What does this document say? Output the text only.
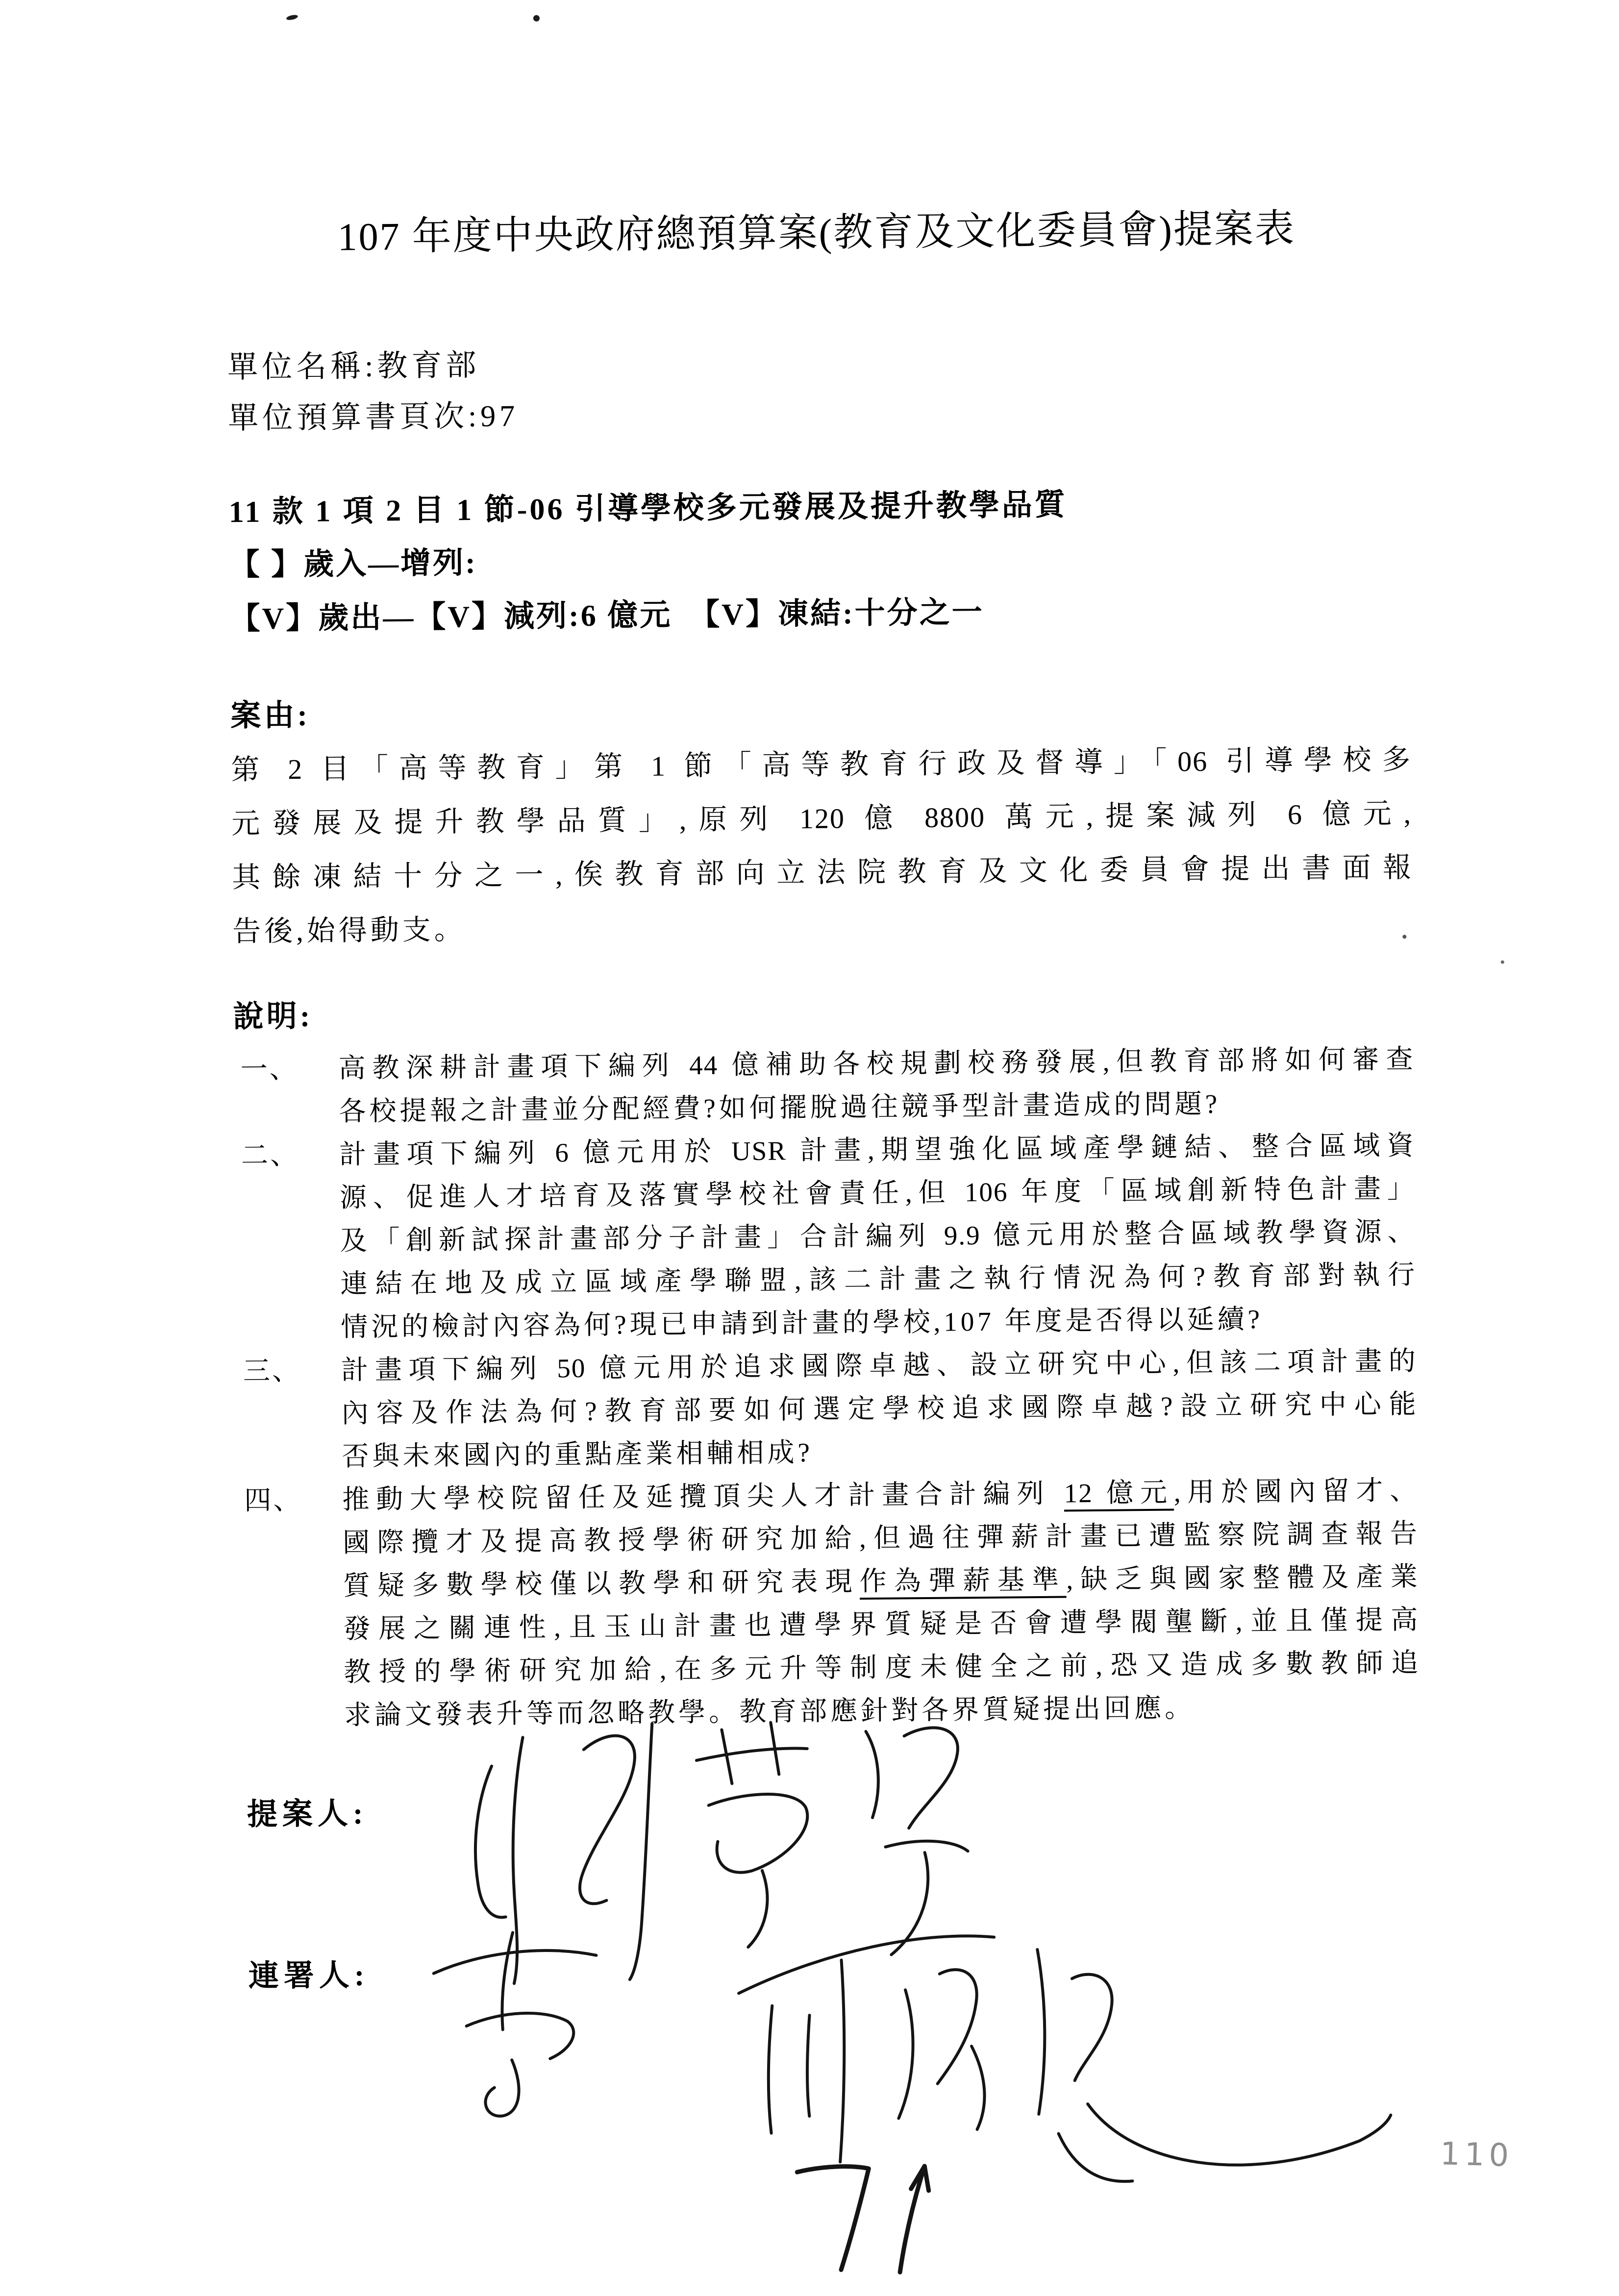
107 年度中央政府總預算案(教育及文化委員會)提案表
單位名稱:教育部
單位預算書頁次:97
11 款 1 項 2 目 1 節-06 引導學校多元發展及提升教學品質
【 】歲入—增列:
【V】歲出—【V】減列:6 億元　【V】凍結:十分之一
案由:
第 2 目「高等教育」第 1 節「高等教育行政及督導」「06 引導學校多
元發展及提升教學品質」,原列 120 億 8800 萬元,提案減列 6 億元,
其餘凍結十分之一,俟教育部向立法院教育及文化委員會提出書面報
告後,始得動支。
說明:
一、 高教深耕計畫項下編列 44 億補助各校規劃校務發展,但教育部將如何審查
各校提報之計畫並分配經費?如何擺脫過往競爭型計畫造成的問題?
二、 計畫項下編列 6 億元用於 USR 計畫,期望強化區域產學鏈結、整合區域資
源、促進人才培育及落實學校社會責任,但 106 年度「區域創新特色計畫」
及「創新試探計畫部分子計畫」合計編列 9.9 億元用於整合區域教學資源、
連結在地及成立區域產學聯盟,該二計畫之執行情況為何?教育部對執行
情況的檢討內容為何?現已申請到計畫的學校,107 年度是否得以延續?
三、 計畫項下編列 50 億元用於追求國際卓越、設立研究中心,但該二項計畫的
內容及作法為何?教育部要如何選定學校追求國際卓越?設立研究中心能
否與未來國內的重點產業相輔相成?
四、 推動大學校院留任及延攬頂尖人才計畫合計編列 12 億元,用於國內留才、
國際攬才及提高教授學術研究加給,但過往彈薪計畫已遭監察院調查報告
質疑多數學校僅以教學和研究表現作為彈薪基準,缺乏與國家整體及產業
發展之關連性,且玉山計畫也遭學界質疑是否會遭學閥壟斷,並且僅提高
教授的學術研究加給,在多元升等制度未健全之前,恐又造成多數教師追
求論文發表升等而忽略教學。教育部應針對各界質疑提出回應。
提案人:
連署人:
110
